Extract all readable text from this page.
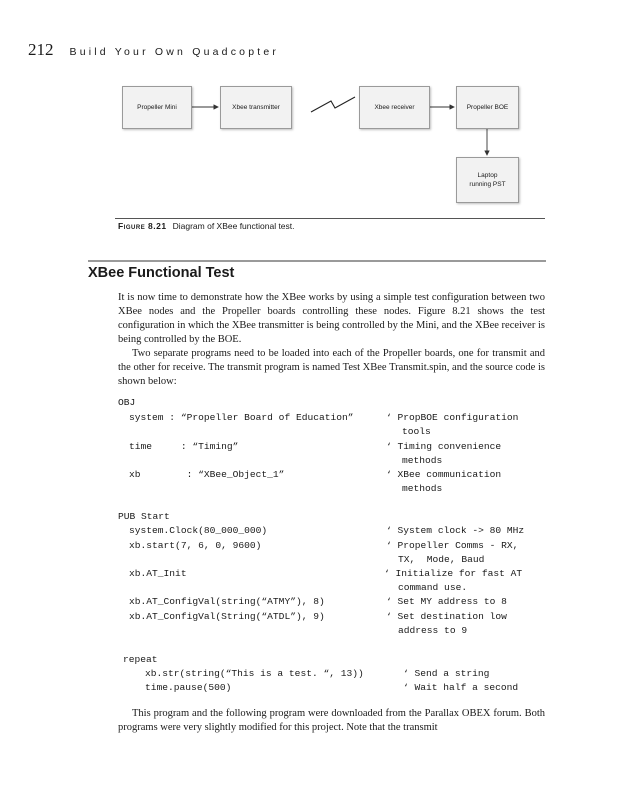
212 Build Your Own Quadcopter
Propeller Mini	Xbee transmitter	Xbee receiver	Propeller BOE
Laptop
running PST
Figure 8.21 Diagram of XBee functional test.
XBee Functional Test

It is now time to demonstrate how the XBee works by using a simple test configuration between two XBee nodes and the Propeller boards controlling these nodes. Figure 8.21 shows the test configuration in which the XBee transmitter is being controlled by the Mini, and the XBee receiver is being controlled by the BOE.

Two separate programs need to be loaded into each of the Propeller boards, one for transmit and the other for receive. The transmit program is named Test XBee Transmit.spin, and the source code is shown below:

OBJ
system : “Propeller Board of Education”	‘ PropBOE configuration
tools
time     : “Timing”	‘ Timing convenience
methods
xb        : “XBee_Object_1”	‘ XBee communication
methods
PUB Start
system.Clock(80_000_000)	‘ System clock -> 80 MHz
xb.start(7, 6, 0, 9600)	‘ Propeller Comms - RX,
TX,  Mode, Baud
xb.AT_Init	‘ Initialize for fast AT
command use.
xb.AT_ConfigVal(string(“ATMY”), 8)	‘ Set MY address to 8
xb.AT_ConfigVal(String(“ATDL”), 9)	‘ Set destination low
address to 9
repeat
xb.str(string(“This is a test. “, 13))	‘ Send a string
time.pause(500)	‘ Wait half a second

This program and the following program were downloaded from the Parallax OBEX forum. Both programs were very slightly modified for this project. Note that the transmit
